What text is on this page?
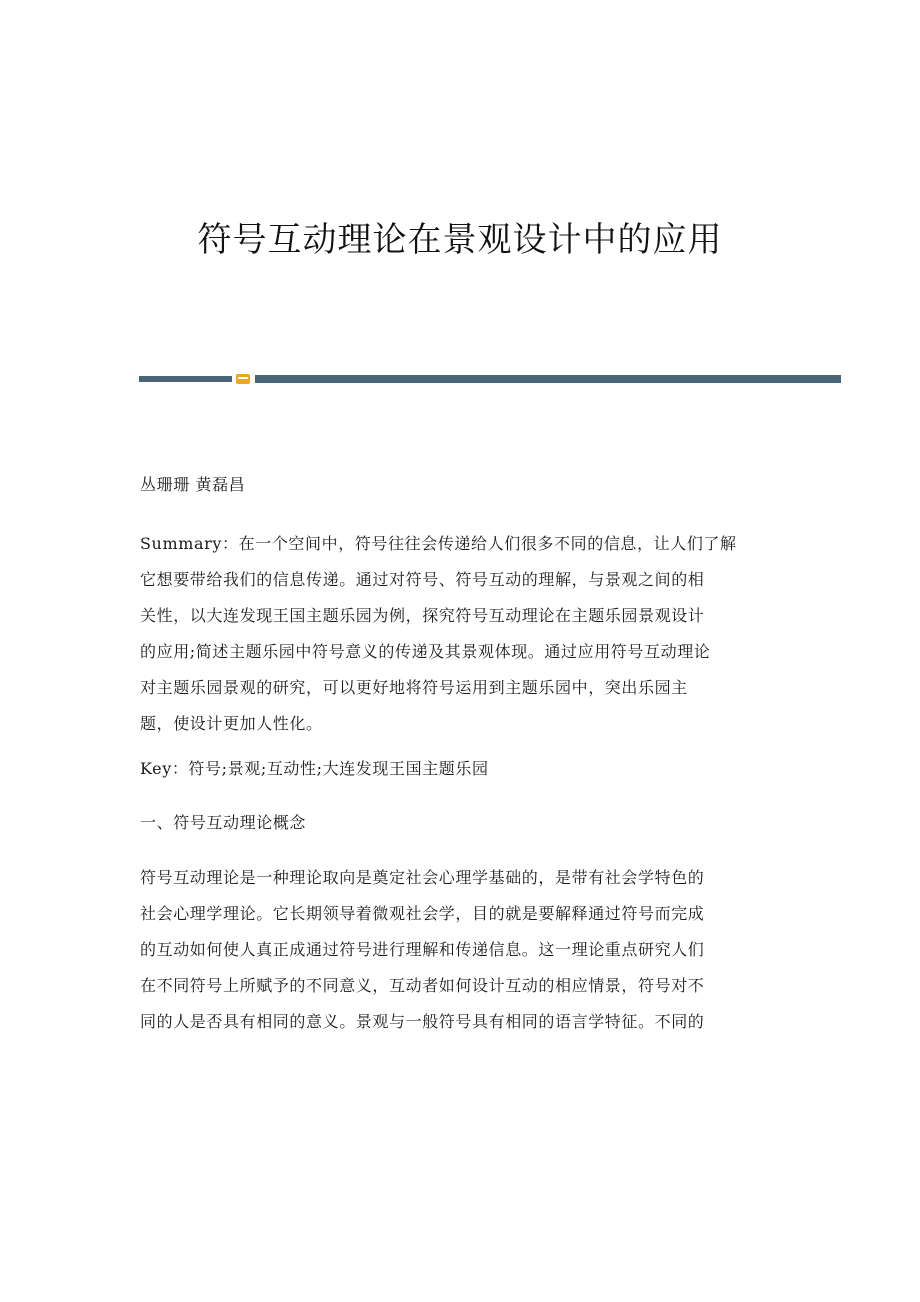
符号互动理论在景观设计中的应用

丛珊珊 黄磊昌

Summary：在一个空间中，符号往往会传递给人们很多不同的信息，让人们了解

它想要带给我们的信息传递。通过对符号、符号互动的理解，与景观之间的相

关性，以大连发现王国主题乐园为例，探究符号互动理论在主题乐园景观设计

的应用;简述主题乐园中符号意义的传递及其景观体现。通过应用符号互动理论

对主题乐园景观的研究，可以更好地将符号运用到主题乐园中，突出乐园主

题，使设计更加人性化。

Key：符号;景观;互动性;大连发现王国主题乐园

一、符号互动理论概念

符号互动理论是一种理论取向是奠定社会心理学基础的，是带有社会学特色的

社会心理学理论。它长期领导着微观社会学，目的就是要解释通过符号而完成

的互动如何使人真正成通过符号进行理解和传递信息。这一理论重点研究人们

在不同符号上所赋予的不同意义，互动者如何设计互动的相应情景，符号对不

同的人是否具有相同的意义。景观与一般符号具有相同的语言学特征。不同的
